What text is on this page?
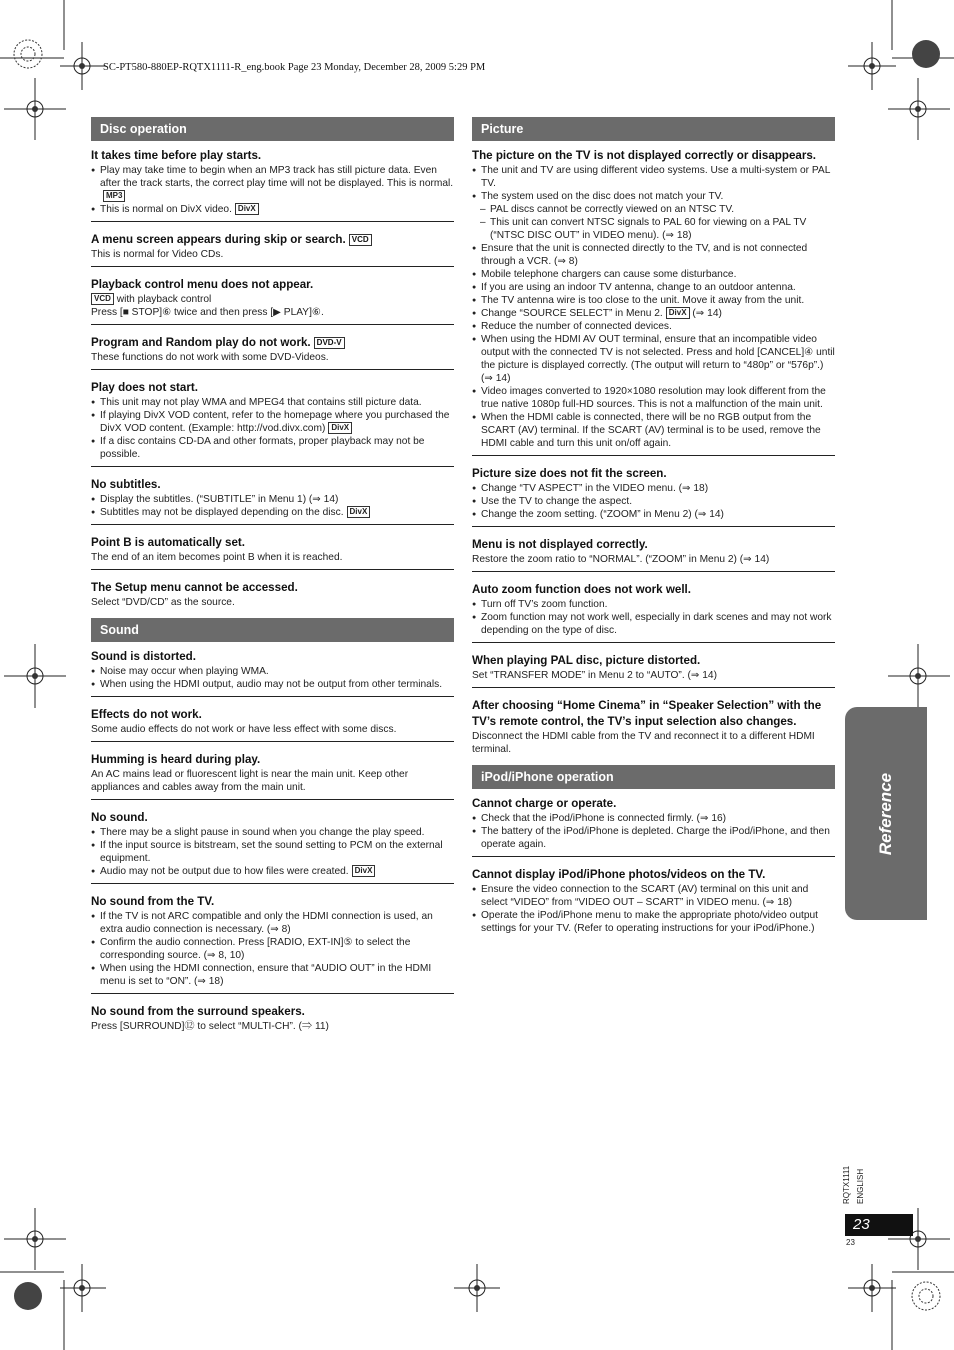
SC-PT580-880EP-RQTX1111-R_eng.book Page 23 Monday, December 28, 2009 5:29 PM
Disc operation
It takes time before play starts.
● Play may take time to begin when an MP3 track has still picture data. Even after the track starts, the correct play time will not be displayed. This is normal.MP3
● This is normal on DivX video. DivX
A menu screen appears during skip or search. VCD
This is normal for Video CDs.
Playback control menu does not appear.
VCD with playback control
Press [■ STOP]⑥ twice and then press [▶ PLAY]⑥.
Program and Random play do not work. DVD-V
These functions do not work with some DVD-Videos.
Play does not start.
● This unit may not play WMA and MPEG4 that contains still picture data.
● If playing DivX VOD content, refer to the homepage where you purchased the DivX VOD content. (Example: http://vod.divx.com) DivX
● If a disc contains CD-DA and other formats, proper playback may not be possible.
No subtitles.
● Display the subtitles. (“SUBTITLE” in Menu 1) (⇒ 14)
● Subtitles may not be displayed depending on the disc. DivX
Point B is automatically set.
The end of an item becomes point B when it is reached.
The Setup menu cannot be accessed.
Select “DVD/CD” as the source.
Sound
Sound is distorted.
● Noise may occur when playing WMA.
● When using the HDMI output, audio may not be output from other terminals.
Effects do not work.
Some audio effects do not work or have less effect with some discs.
Humming is heard during play.
An AC mains lead or fluorescent light is near the main unit. Keep other appliances and cables away from the main unit.
No sound.
● There may be a slight pause in sound when you change the play speed.
● If the input source is bitstream, set the sound setting to PCM on the external equipment.
● Audio may not be output due to how files were created. DivX
No sound from the TV.
● If the TV is not ARC compatible and only the HDMI connection is used, an extra audio connection is necessary. (⇒ 8)
● Confirm the audio connection. Press [RADIO, EXT-IN]⑤ to select the corresponding source. (⇒ 8, 10)
● When using the HDMI connection, ensure that “AUDIO OUT” in the HDMI menu is set to “ON”. (⇒ 18)
No sound from the surround speakers.
Press [SURROUND]⑫ to select “MULTI-CH”. (⇒ 11)
Picture
The picture on the TV is not displayed correctly or disappears.
● The unit and TV are using different video systems. Use a multi-system or PAL TV.
● The system used on the disc does not match your TV.
– PAL discs cannot be correctly viewed on an NTSC TV.
– This unit can convert NTSC signals to PAL 60 for viewing on a PAL TV (“NTSC DISC OUT” in VIDEO menu). (⇒ 18)
● Ensure that the unit is connected directly to the TV, and is not connected through a VCR. (⇒ 8)
● Mobile telephone chargers can cause some disturbance.
● If you are using an indoor TV antenna, change to an outdoor antenna.
● The TV antenna wire is too close to the unit. Move it away from the unit.
● Change “SOURCE SELECT” in Menu 2. DivX (⇒ 14)
● Reduce the number of connected devices.
● When using the HDMI AV OUT terminal, ensure that an incompatible video output with the connected TV is not selected. Press and hold [CANCEL]④ until the picture is displayed correctly. (The output will return to “480p” or “576p”.) (⇒ 14)
● Video images converted to 1920×1080 resolution may look different from the true native 1080p full-HD sources. This is not a malfunction of the main unit.
● When the HDMI cable is connected, there will be no RGB output from the SCART (AV) terminal. If the SCART (AV) terminal is to be used, remove the HDMI cable and turn this unit on/off again.
Picture size does not fit the screen.
● Change “TV ASPECT” in the VIDEO menu. (⇒ 18)
● Use the TV to change the aspect.
● Change the zoom setting. (“ZOOM” in Menu 2) (⇒ 14)
Menu is not displayed correctly.
Restore the zoom ratio to “NORMAL”. (“ZOOM” in Menu 2) (⇒ 14)
Auto zoom function does not work well.
● Turn off TV’s zoom function.
● Zoom function may not work well, especially in dark scenes and may not work depending on the type of disc.
When playing PAL disc, picture distorted.
Set “TRANSFER MODE” in Menu 2 to “AUTO”. (⇒ 14)
After choosing “Home Cinema” in “Speaker Selection” with the TV’s remote control, the TV’s input selection also changes.
Disconnect the HDMI cable from the TV and reconnect it to a different HDMI terminal.
iPod/iPhone operation
Cannot charge or operate.
● Check that the iPod/iPhone is connected firmly. (⇒ 16)
● The battery of the iPod/iPhone is depleted. Charge the iPod/iPhone, and then operate again.
Cannot display iPod/iPhone photos/videos on the TV.
● Ensure the video connection to the SCART (AV) terminal on this unit and select “VIDEO” from “VIDEO OUT – SCART” in VIDEO menu. (⇒ 18)
● Operate the iPod/iPhone menu to make the appropriate photo/video output settings for your TV. (Refer to operating instructions for your iPod/iPhone.)
Reference
RQTX1111 ENGLISH
23
23
